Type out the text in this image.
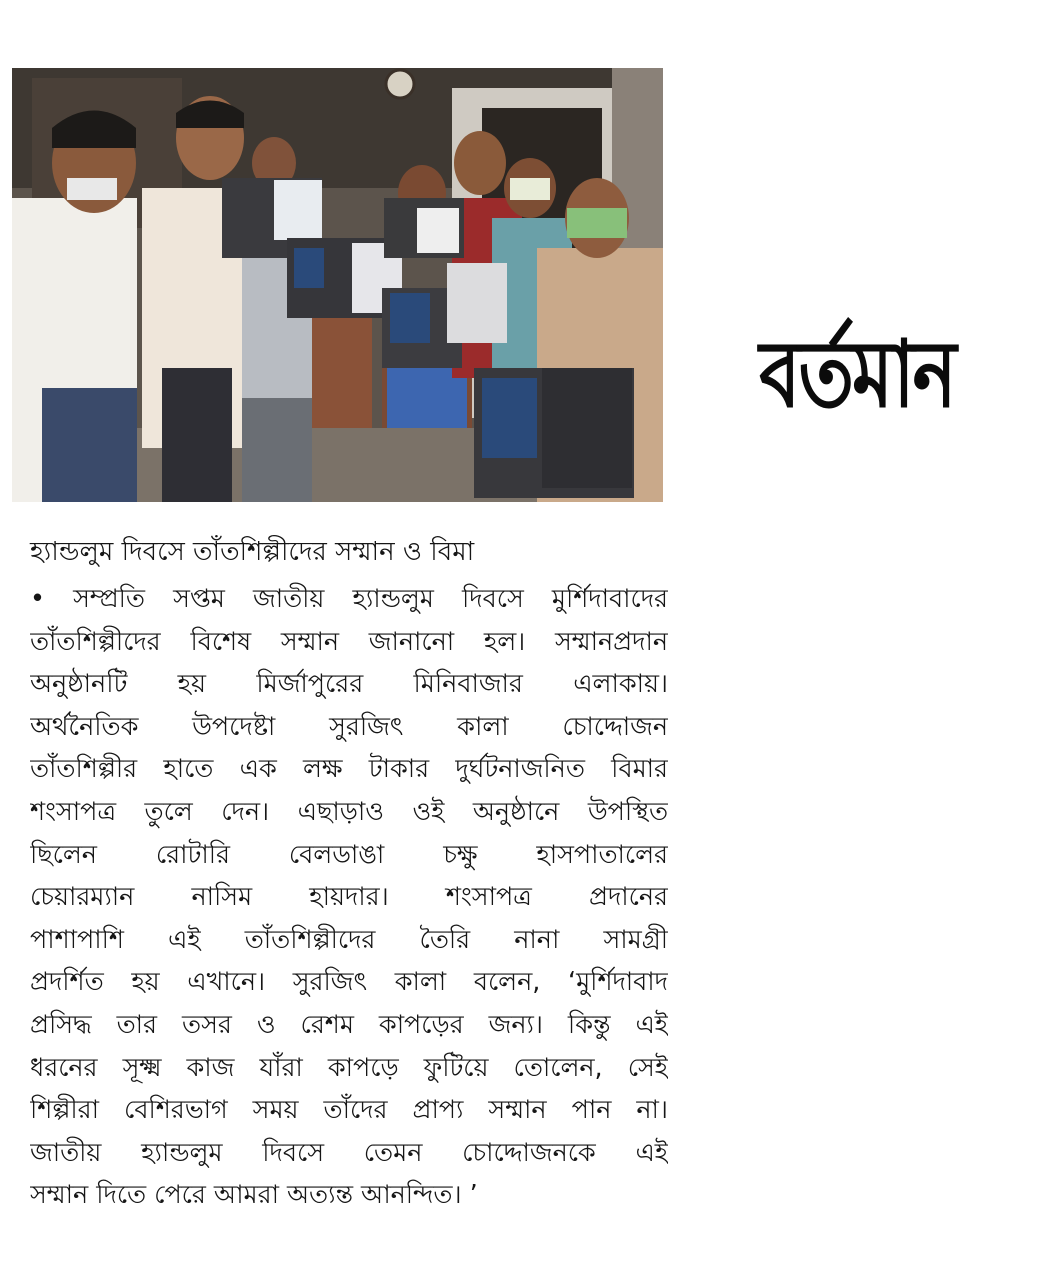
বর্তমান
হ্যান্ডলুম দিবসে তাঁতশিল্পীদের সম্মান ও বিমা
• সম্প্রতি সপ্তম জাতীয় হ্যান্ডলুম দিবসে মুর্শিদাবাদের
তাঁতশিল্পীদের বিশেষ সম্মান জানানো হল। সম্মানপ্রদান
অনুষ্ঠানটি হয় মির্জাপুরের মিনিবাজার এলাকায়।
অর্থনৈতিক উপদেষ্টা সুরজিৎ কালা চোদ্দোজন
তাঁতশিল্পীর হাতে এক লক্ষ টাকার দুর্ঘটনাজনিত বিমার
শংসাপত্র তুলে দেন। এছাড়াও ওই অনুষ্ঠানে উপস্থিত
ছিলেন রোটারি বেলডাঙা চক্ষু হাসপাতালের
চেয়ারম্যান নাসিম হায়দার। শংসাপত্র প্রদানের
পাশাপাশি এই তাঁতশিল্পীদের তৈরি নানা সামগ্রী
প্রদর্শিত হয় এখানে। সুরজিৎ কালা বলেন, ‘মুর্শিদাবাদ
প্রসিদ্ধ তার তসর ও রেশম কাপড়ের জন্য। কিন্তু এই
ধরনের সূক্ষ্ম কাজ যাঁরা কাপড়ে ফুটিয়ে তোলেন, সেই
শিল্পীরা বেশিরভাগ সময় তাঁদের প্রাপ্য সম্মান পান না।
জাতীয় হ্যান্ডলুম দিবসে তেমন চোদ্দোজনকে এই
সম্মান দিতে পেরে আমরা অত্যন্ত আনন্দিত। ’
